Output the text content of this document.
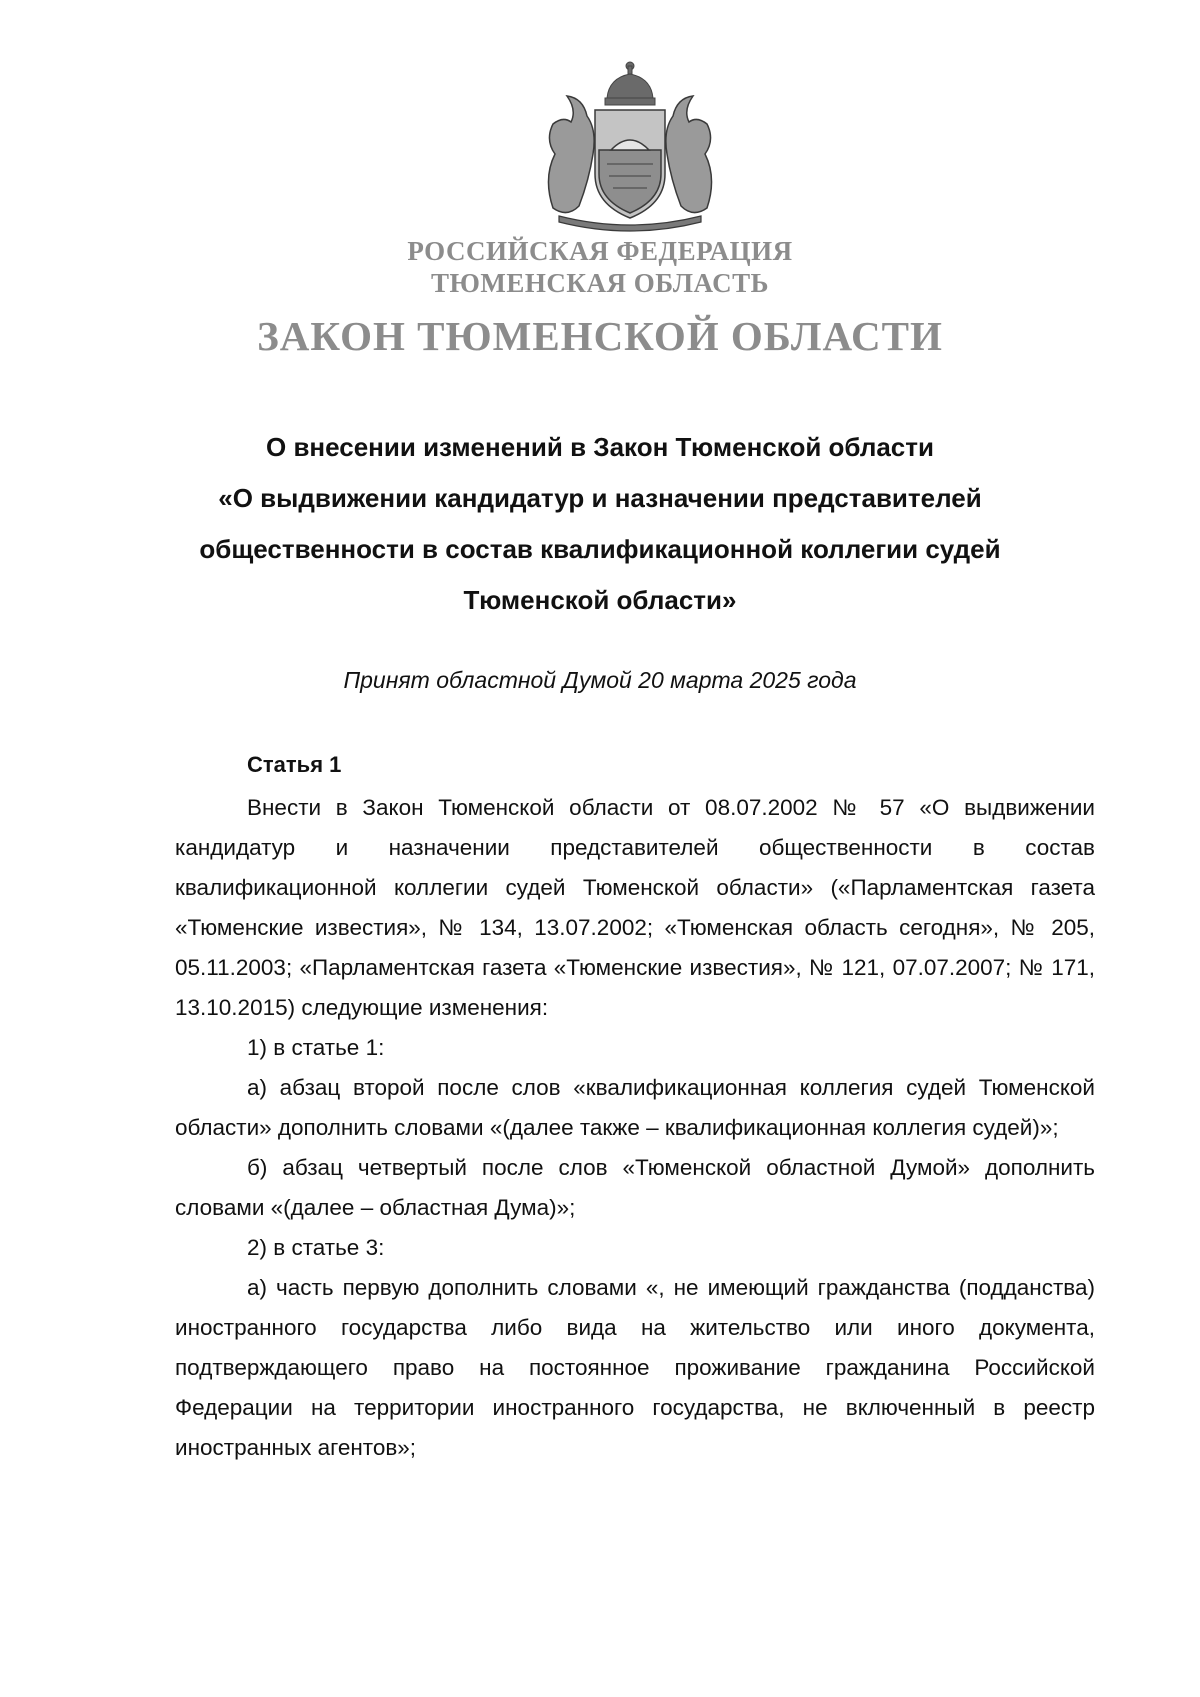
РОССИЙСКАЯ ФЕДЕРАЦИЯ
ТЮМЕНСКАЯ ОБЛАСТЬ
ЗАКОН ТЮМЕНСКОЙ ОБЛАСТИ
О внесении изменений в Закон Тюменской области
«О выдвижении кандидатур и назначении представителей
общественности в состав квалификационной коллегии судей
Тюменской области»
Принят областной Думой 20 марта 2025 года
Статья 1

Внести в Закон Тюменской области от 08.07.2002 № 57 «О выдвижении кандидатур и назначении представителей общественности в состав квалификационной коллегии судей Тюменской области» («Парламентская газета «Тюменские известия», № 134, 13.07.2002; «Тюменская область сегодня», № 205, 05.11.2003; «Парламентская газета «Тюменские известия», № 121, 07.07.2007; № 171, 13.10.2015) следующие изменения:

1) в статье 1:

а) абзац второй после слов «квалификационная коллегия судей Тюменской области» дополнить словами «(далее также – квалификационная коллегия судей)»;

б) абзац четвертый после слов «Тюменской областной Думой» дополнить словами «(далее – областная Дума)»;

2) в статье 3:

а) часть первую дополнить словами «, не имеющий гражданства (подданства) иностранного государства либо вида на жительство или иного документа, подтверждающего право на постоянное проживание гражданина Российской Федерации на территории иностранного государства, не включенный в реестр иностранных агентов»;
